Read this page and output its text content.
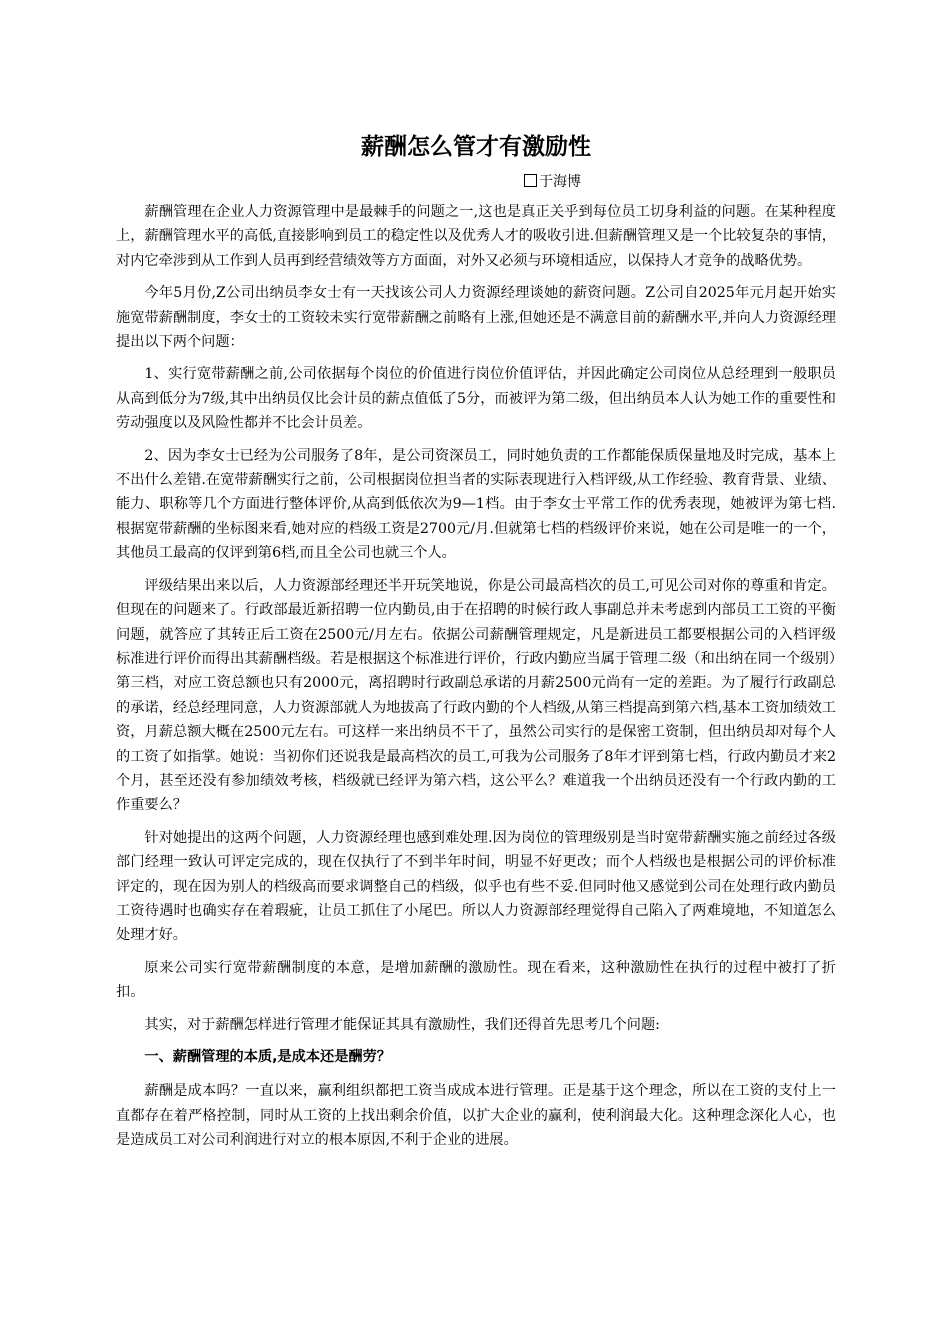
薪酬怎么管才有激励性
于海博

薪酬管理在企业人力资源管理中是最棘手的问题之一,这也是真正关乎到每位员工切身利益的问题。在某种程度上，薪酬管理水平的高低,直接影响到员工的稳定性以及优秀人才的吸收引进.但薪酬管理又是一个比较复杂的事情，对内它牵涉到从工作到人员再到经营绩效等方方面面，对外又必须与环境相适应，以保持人才竞争的战略优势。

今年5月份,Z公司出纳员李女士有一天找该公司人力资源经理谈她的薪资问题。Z公司自2025年元月起开始实施宽带薪酬制度，李女士的工资较未实行宽带薪酬之前略有上涨,但她还是不满意目前的薪酬水平,并向人力资源经理提出以下两个问题：

1、实行宽带薪酬之前,公司依据每个岗位的价值进行岗位价值评估，并因此确定公司岗位从总经理到一般职员从高到低分为7级,其中出纳员仅比会计员的薪点值低了5分，而被评为第二级，但出纳员本人认为她工作的重要性和劳动强度以及风险性都并不比会计员差。

2、因为李女士已经为公司服务了8年，是公司资深员工，同时她负责的工作都能保质保量地及时完成，基本上不出什么差错.在宽带薪酬实行之前，公司根据岗位担当者的实际表现进行入档评级,从工作经验、教育背景、业绩、能力、职称等几个方面进行整体评价,从高到低依次为9—1档。由于李女士平常工作的优秀表现，她被评为第七档.根据宽带薪酬的坐标图来看,她对应的档级工资是2700元/月.但就第七档的档级评价来说，她在公司是唯一的一个，其他员工最高的仅评到第6档,而且全公司也就三个人。

评级结果出来以后，人力资源部经理还半开玩笑地说，你是公司最高档次的员工,可见公司对你的尊重和肯定。但现在的问题来了。行政部最近新招聘一位内勤员,由于在招聘的时候行政人事副总并未考虑到内部员工工资的平衡问题，就答应了其转正后工资在2500元/月左右。依据公司薪酬管理规定，凡是新进员工都要根据公司的入档评级标准进行评价而得出其薪酬档级。若是根据这个标准进行评价，行政内勤应当属于管理二级（和出纳在同一个级别）第三档，对应工资总额也只有2000元，离招聘时行政副总承诺的月薪2500元尚有一定的差距。为了履行行政副总的承诺，经总经理同意，人力资源部就人为地拔高了行政内勤的个人档级,从第三档提高到第六档,基本工资加绩效工资，月薪总额大概在2500元左右。可这样一来出纳员不干了，虽然公司实行的是保密工资制，但出纳员却对每个人的工资了如指掌。她说：当初你们还说我是最高档次的员工,可我为公司服务了8年才评到第七档，行政内勤员才来2个月，甚至还没有参加绩效考核，档级就已经评为第六档，这公平么？难道我一个出纳员还没有一个行政内勤的工作重要么？

针对她提出的这两个问题，人力资源经理也感到难处理.因为岗位的管理级别是当时宽带薪酬实施之前经过各级部门经理一致认可评定完成的，现在仅执行了不到半年时间，明显不好更改；而个人档级也是根据公司的评价标准评定的，现在因为别人的档级高而要求调整自己的档级，似乎也有些不妥.但同时他又感觉到公司在处理行政内勤员工资待遇时也确实存在着瑕疵，让员工抓住了小尾巴。所以人力资源部经理觉得自己陷入了两难境地，不知道怎么处理才好。

原来公司实行宽带薪酬制度的本意，是增加薪酬的激励性。现在看来，这种激励性在执行的过程中被打了折扣。

其实，对于薪酬怎样进行管理才能保证其具有激励性，我们还得首先思考几个问题:

一、薪酬管理的本质,是成本还是酬劳？

薪酬是成本吗？一直以来，赢利组织都把工资当成成本进行管理。正是基于这个理念，所以在工资的支付上一直都存在着严格控制，同时从工资的上找出剩余价值，以扩大企业的赢利，使利润最大化。这种理念深化人心，也是造成员工对公司利润进行对立的根本原因,不利于企业的进展。
